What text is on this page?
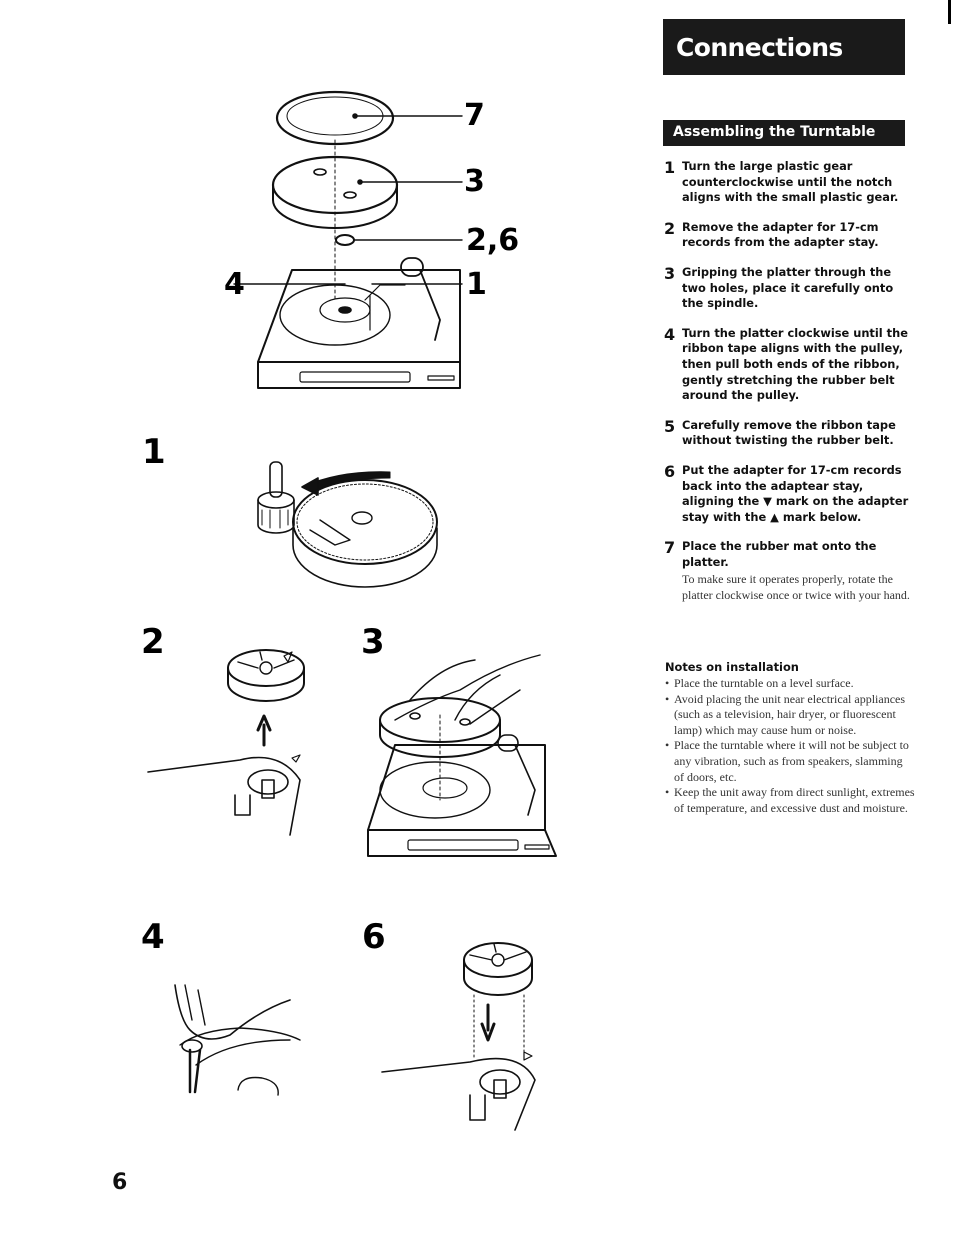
7
3
2,6
4	1
1
2	3
4	6
Connections
Assembling the Turntable
1 Turn the large plastic gear counterclockwise until the notch aligns with the small plastic gear.
2 Remove the adapter for 17-cm records from the adapter stay.
3 Gripping the platter through the two holes, place it carefully onto the spindle.
4 Turn the platter clockwise until the ribbon tape aligns with the pulley, then pull both ends of the ribbon, gently stretching the rubber belt around the pulley.
5 Carefully remove the ribbon tape without twisting the rubber belt.
6 Put the adapter for 17-cm records back into the adaptear stay, aligning the ▼ mark on the adapter stay with the ▲ mark below.
7 Place the rubber mat onto the platter.
To make sure it operates properly, rotate the platter clockwise once or twice with your hand.
Notes on installation
• Place the turntable on a level surface.
• Avoid placing the unit near electrical appliances (such as a television, hair dryer, or fluorescent lamp) which may cause hum or noise.
• Place the turntable where it will not be subject to any vibration, such as from speakers, slamming of doors, etc.
• Keep the unit away from direct sunlight, extremes of temperature, and excessive dust and moisture.
6
